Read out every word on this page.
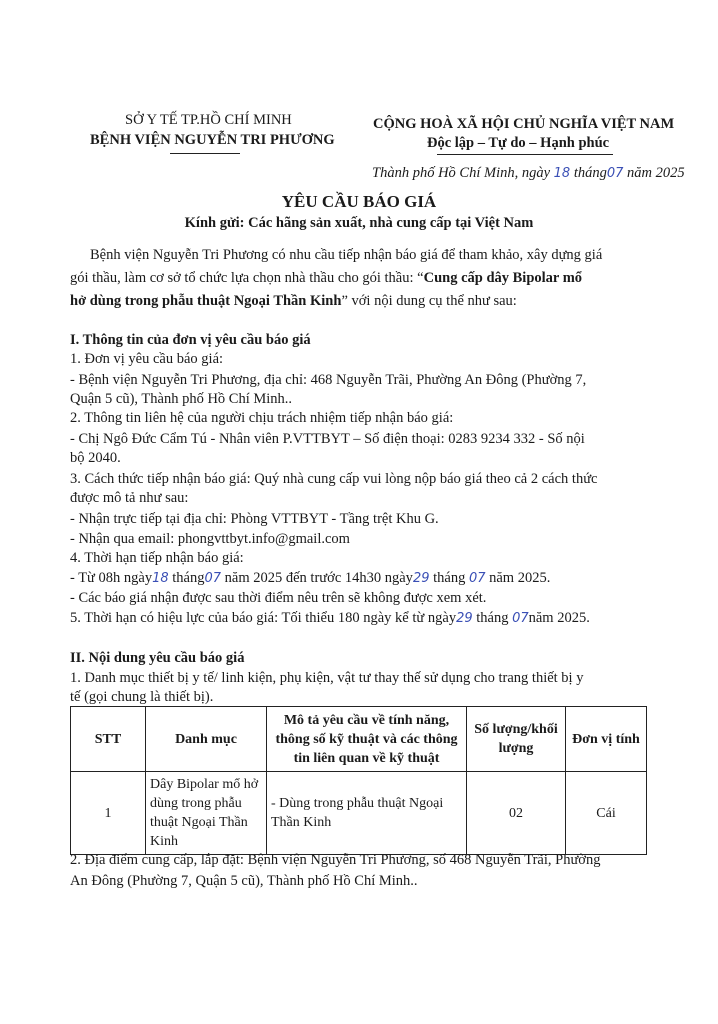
SỞ Y TẾ TP.HỒ CHÍ MINH
BỆNH VIỆN NGUYỄN TRI PHƯƠNG
CỘNG HOÀ XÃ HỘI CHỦ NGHĨA VIỆT NAM
Độc lập – Tự do – Hạnh phúc
Thành phố Hồ Chí Minh, ngày 18 tháng07 năm 2025
YÊU CẦU BÁO GIÁ
Kính gửi: Các hãng sản xuất, nhà cung cấp tại Việt Nam
Bệnh viện Nguyễn Tri Phương có nhu cầu tiếp nhận báo giá để tham khảo, xây dựng giá
gói thầu, làm cơ sở tổ chức lựa chọn nhà thầu cho gói thầu: “Cung cấp dây Bipolar mổ
hở dùng trong phẫu thuật Ngoại Thần Kinh” với nội dung cụ thể như sau:
I. Thông tin của đơn vị yêu cầu báo giá
1. Đơn vị yêu cầu báo giá:
- Bệnh viện Nguyễn Tri Phương, địa chỉ: 468 Nguyễn Trãi, Phường An Đông (Phường 7,
Quận 5 cũ), Thành phố Hồ Chí Minh..
2. Thông tin liên hệ của người chịu trách nhiệm tiếp nhận báo giá:
- Chị Ngô Đức Cẩm Tú - Nhân viên P.VTTBYT – Số điện thoại: 0283 9234 332 - Số nội
bộ 2040.
3. Cách thức tiếp nhận báo giá: Quý nhà cung cấp vui lòng nộp báo giá theo cả 2 cách thức
được mô tả như sau:
- Nhận trực tiếp tại địa chỉ: Phòng VTTBYT - Tầng trệt Khu G.
- Nhận qua email: phongvttbyt.info@gmail.com
4. Thời hạn tiếp nhận báo giá:
- Từ 08h ngày18 tháng07 năm 2025 đến trước 14h30 ngày29 tháng 07 năm 2025.
- Các báo giá nhận được sau thời điểm nêu trên sẽ không được xem xét.
5. Thời hạn có hiệu lực của báo giá: Tối thiểu 180 ngày kể từ ngày29 tháng 07năm 2025.
II. Nội dung yêu cầu báo giá
1. Danh mục thiết bị y tế/ linh kiện, phụ kiện, vật tư thay thế sử dụng cho trang thiết bị y
tế (gọi chung là thiết bị).
STT	Danh mục	Mô tả yêu cầu về tính năng, thông số kỹ thuật và các thông tin liên quan về kỹ thuật	Số lượng/khối lượng	Đơn vị tính
1	Dây Bipolar mổ hở dùng trong phẫu thuật Ngoại Thần Kinh	- Dùng trong phẫu thuật Ngoại Thần Kinh	02	Cái
2. Địa điểm cung cấp, lắp đặt: Bệnh viện Nguyễn Tri Phương, số 468 Nguyễn Trãi, Phường
An Đông (Phường 7, Quận 5 cũ), Thành phố Hồ Chí Minh..
